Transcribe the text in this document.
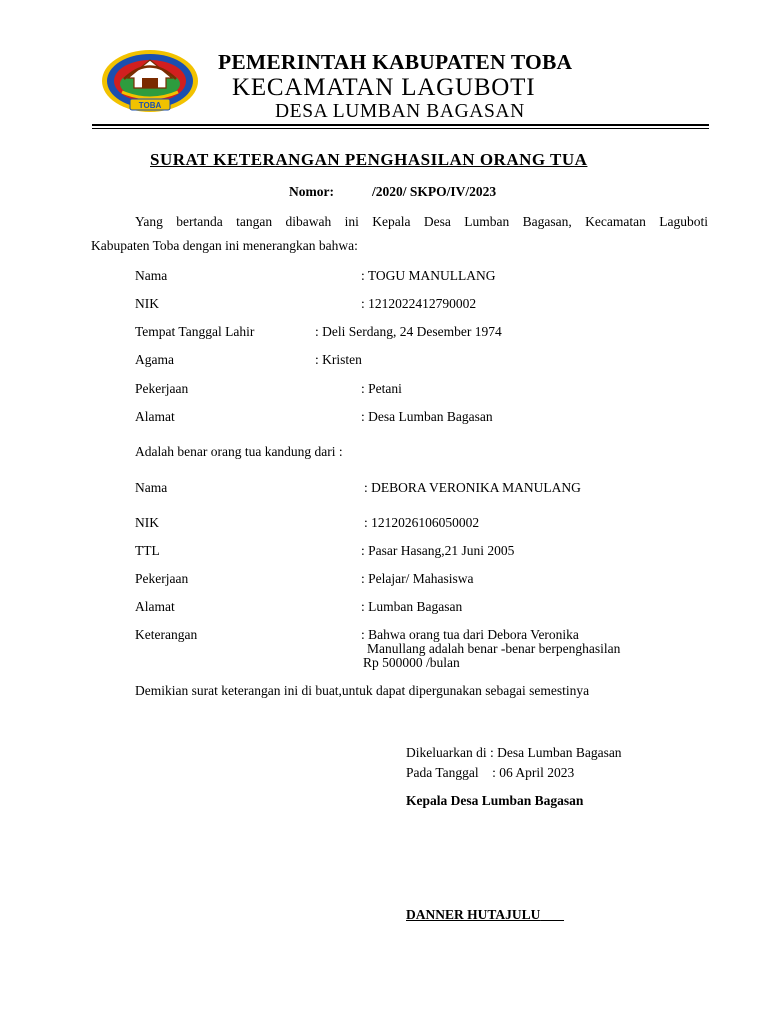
TOBA
PEMERINTAH KABUPATEN TOBA
KECAMATAN LAGUBOTI
DESA LUMBAN BAGASAN
SURAT KETERANGAN PENGHASILAN ORANG TUA
Nomor:	/2020/ SKPO/IV/2023
Yang bertanda tangan dibawah ini Kepala Desa Lumban Bagasan, Kecamatan Laguboti
Kabupaten Toba dengan ini menerangkan bahwa:
Nama	: TOGU MANULLANG
NIK	: 1212022412790002
Tempat Tanggal Lahir	: Deli Serdang, 24 Desember 1974
Agama	: Kristen
Pekerjaan	: Petani
Alamat	: Desa Lumban Bagasan
Adalah benar orang tua kandung dari :
Nama	: DEBORA VERONIKA MANULANG
NIK	: 1212026106050002
TTL	: Pasar Hasang,21 Juni 2005
Pekerjaan	: Pelajar/ Mahasiswa
Alamat	: Lumban Bagasan
Keterangan	: Bahwa orang tua dari Debora Veronika
Manullang adalah benar -benar berpenghasilan
Rp 500000 /bulan
Demikian surat keterangan ini di buat,untuk dapat dipergunakan sebagai semestinya
Dikeluarkan di : Desa Lumban Bagasan
Pada Tanggal    : 06 April 2023
Kepala Desa Lumban Bagasan
DANNER HUTAJULU
